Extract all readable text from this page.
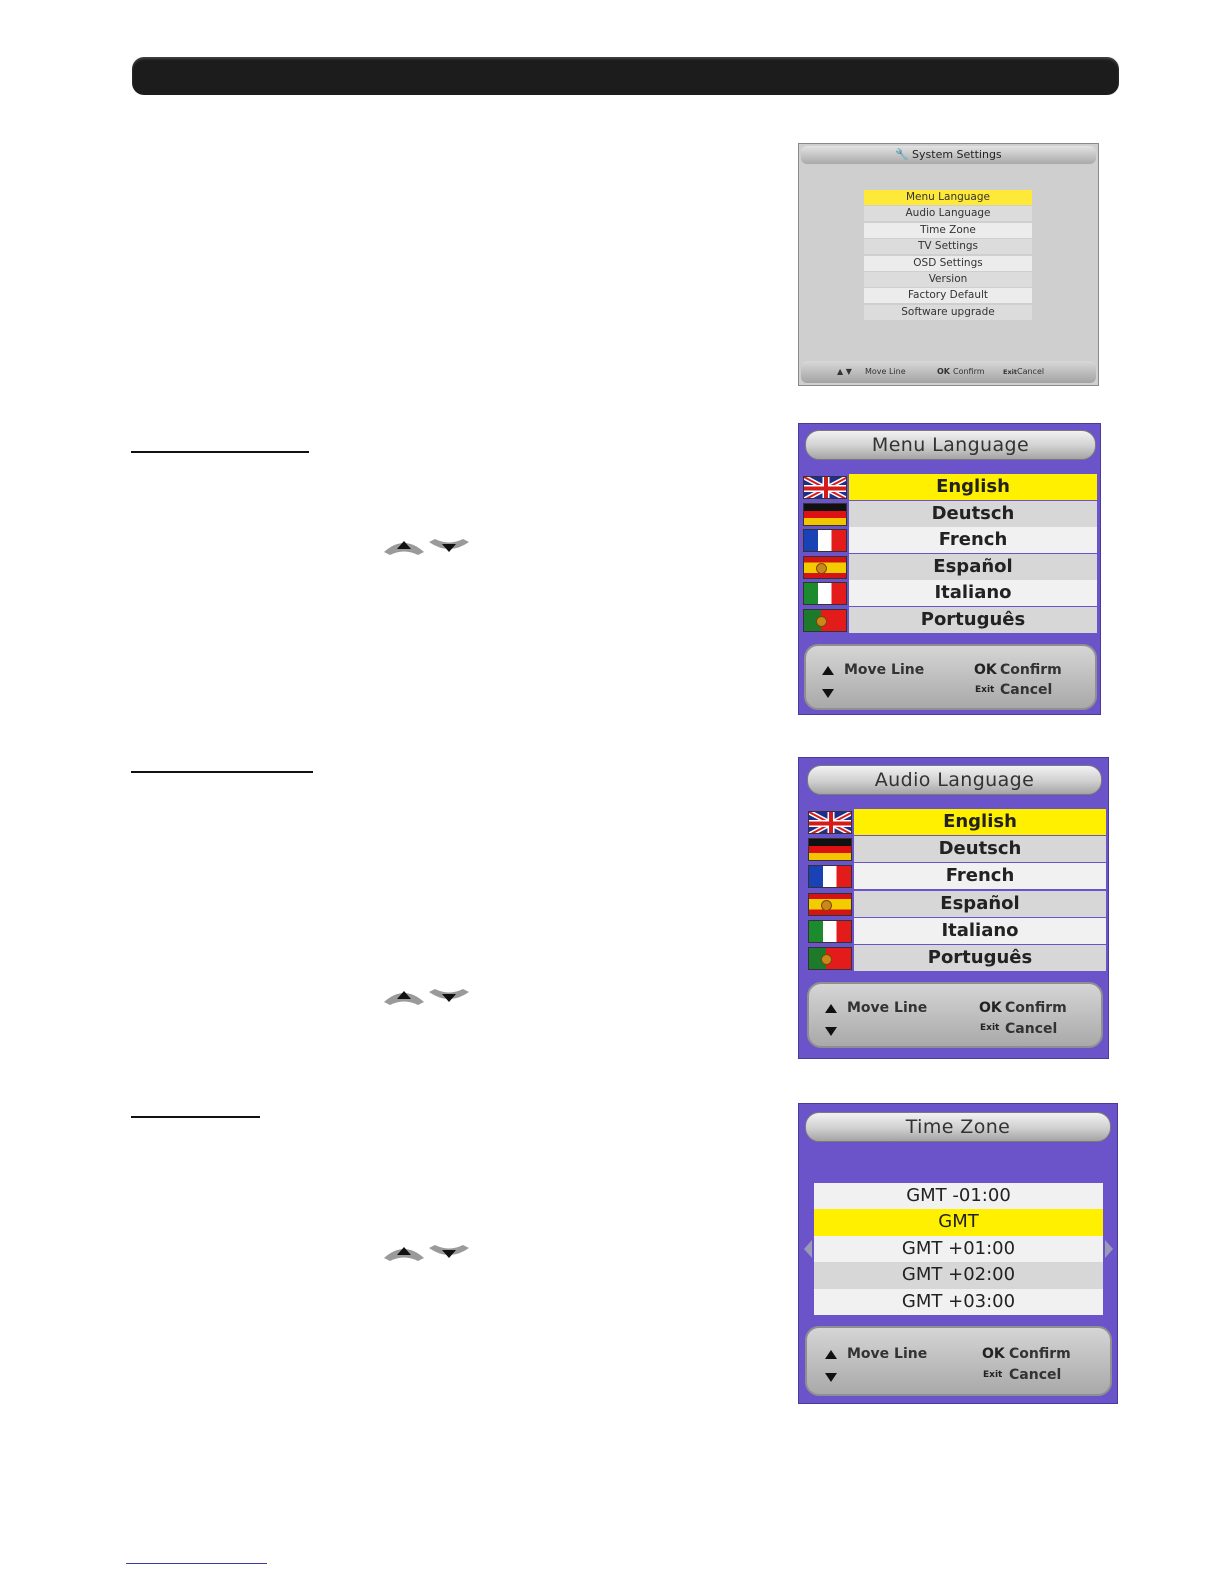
🔧 System Settings
Menu Language
Audio Language
Time Zone
TV Settings
OSD Settings
Version
Factory Default
Software upgrade
▲ ▼ Move Line	OK Confirm	Exit Cancel
Menu Language
English
Deutsch
French
Español
Italiano
Português
Move Line	OK Confirm
Exit Cancel
Audio Language
English
Deutsch
French
Español
Italiano
Português
Move Line	OK Confirm
Exit Cancel
Time Zone
GMT -01:00
GMT
GMT +01:00
GMT +02:00
GMT +03:00
Move Line	OK Confirm
Exit Cancel
